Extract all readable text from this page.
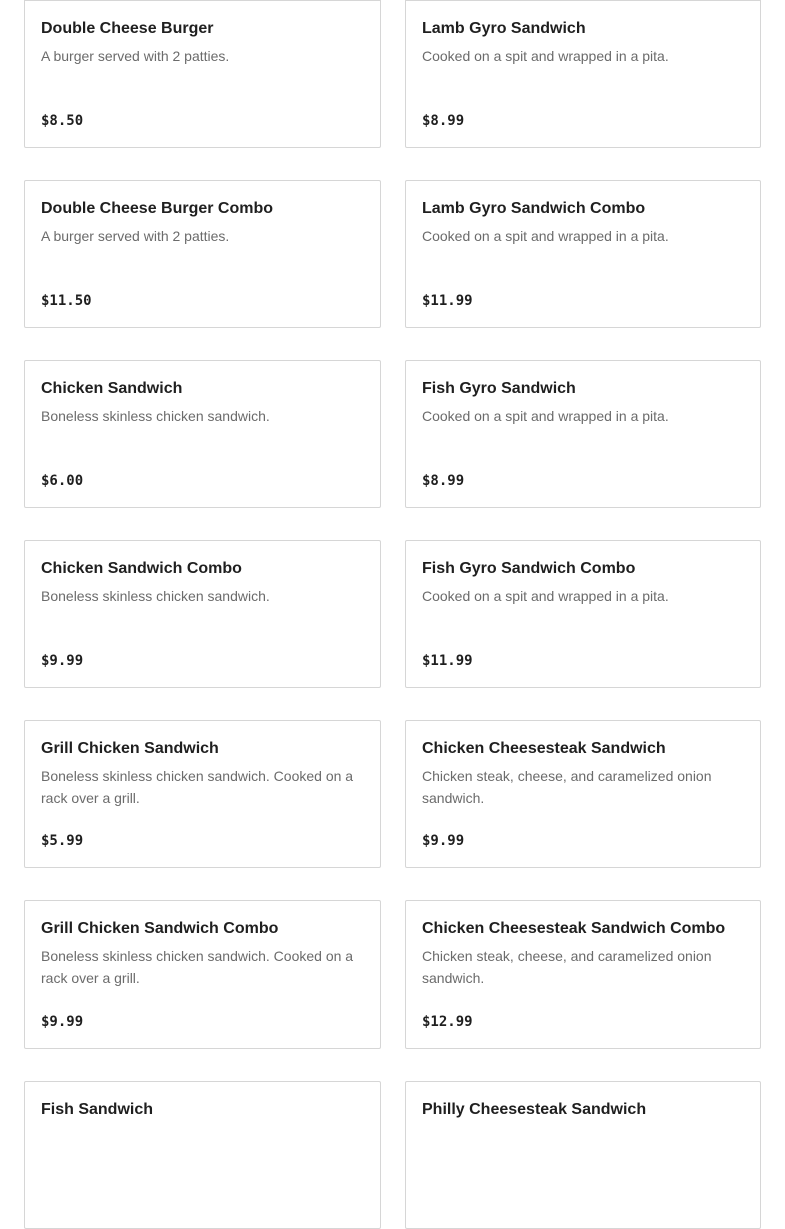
Double Cheese Burger
A burger served with 2 patties.
$8.50
Lamb Gyro Sandwich
Cooked on a spit and wrapped in a pita.
$8.99
Double Cheese Burger Combo
A burger served with 2 patties.
$11.50
Lamb Gyro Sandwich Combo
Cooked on a spit and wrapped in a pita.
$11.99
Chicken Sandwich
Boneless skinless chicken sandwich.
$6.00
Fish Gyro Sandwich
Cooked on a spit and wrapped in a pita.
$8.99
Chicken Sandwich Combo
Boneless skinless chicken sandwich.
$9.99
Fish Gyro Sandwich Combo
Cooked on a spit and wrapped in a pita.
$11.99
Grill Chicken Sandwich
Boneless skinless chicken sandwich. Cooked on a rack over a grill.
$5.99
Chicken Cheesesteak Sandwich
Chicken steak, cheese, and caramelized onion sandwich.
$9.99
Grill Chicken Sandwich Combo
Boneless skinless chicken sandwich. Cooked on a rack over a grill.
$9.99
Chicken Cheesesteak Sandwich Combo
Chicken steak, cheese, and caramelized onion sandwich.
$12.99
Fish Sandwich	Philly Cheesesteak Sandwich
